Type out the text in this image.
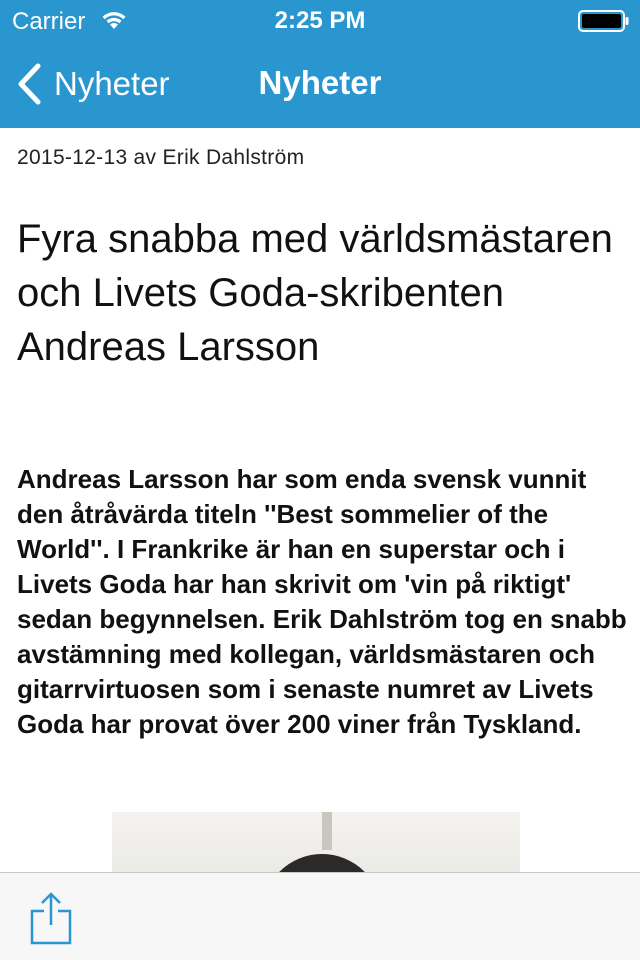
Carrier	2:25 PM
Nyheter	Nyheter
2015-12-13 av Erik Dahlström
Fyra snabba med världsmästaren och Livets Goda-skribenten Andreas Larsson

Andreas Larsson har som enda svensk vunnit den åtråvärda titeln ''Best sommelier of the World''. I Frankrike är han en superstar och i Livets Goda har han skrivit om 'vin på riktigt' sedan begynnelsen. Erik Dahlström tog en snabb avstämning med kollegan, världsmästaren och gitarrvirtuosen som i senaste numret av Livets Goda har provat över 200 viner från Tyskland.
